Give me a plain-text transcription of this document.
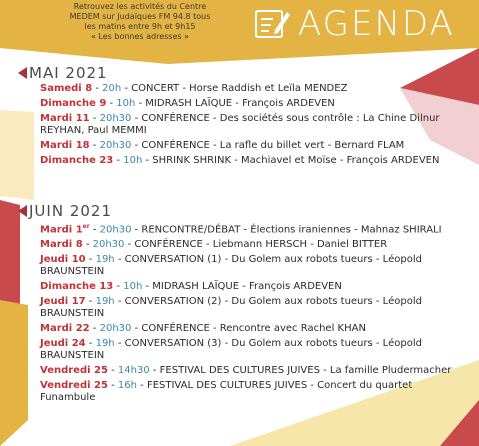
Retrouvez les activités du Centre
MEDEM sur Judaïques FM 94.8 tous
les matins entre 9h et 9h15
« Les bonnes adresses »	AGENDA
MAI 2021

Samedi 8 - 20h - CONCERT - Horse Raddish et Leïla MENDEZ

Dimanche 9 - 10h - MIDRASH LAÏQUE - François ARDEVEN

Mardi 11 - 20h30 - CONFÉRENCE - Des sociétés sous contrôle : La Chine Dilnur REYHAN, Paul MEMMI

Mardi 18 - 20h30 - CONFÉRENCE - La rafle du billet vert - Bernard FLAM

Dimanche 23 - 10h - SHRINK SHRINK - Machiavel et Moïse - François ARDEVEN

JUIN 2021

Mardi 1er - 20h30 - RENCONTRE/DÉBAT - Élections iraniennes - Mahnaz SHIRALI

Mardi 8 - 20h30 - CONFÉRENCE - Liebmann HERSCH - Daniel BITTER

Jeudi 10 - 19h - CONVERSATION (1) - Du Golem aux robots tueurs - Léopold BRAUNSTEIN

Dimanche 13 - 10h - MIDRASH LAÏQUE - François ARDEVEN

Jeudi 17 - 19h - CONVERSATION (2) - Du Golem aux robots tueurs - Léopold BRAUNSTEIN

Mardi 22 - 20h30 - CONFÉRENCE - Rencontre avec Rachel KHAN

Jeudi 24 - 19h - CONVERSATION (3) - Du Golem aux robots tueurs - Léopold BRAUNSTEIN

Vendredi 25 - 14h30 - FESTIVAL DES CULTURES JUIVES - La famille Pludermacher

Vendredi 25 - 16h - FESTIVAL DES CULTURES JUIVES - Concert du quartet Funambule
